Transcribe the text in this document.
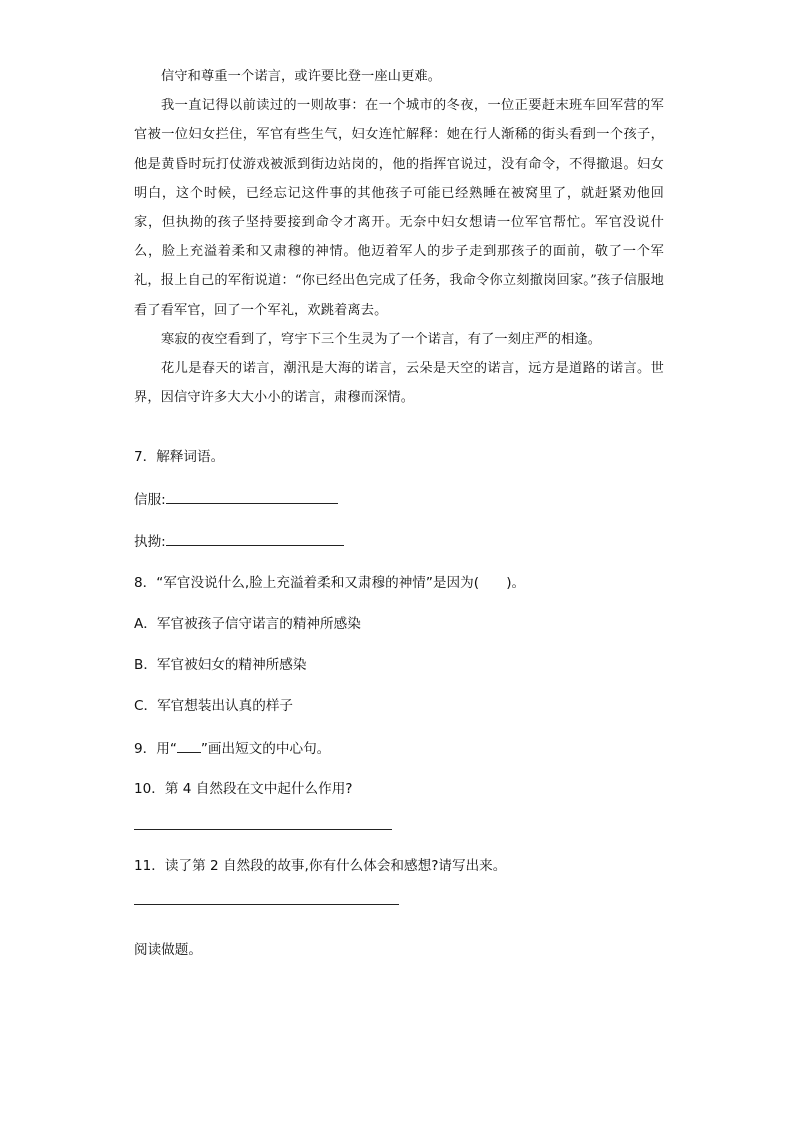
信守和尊重一个诺言，或许要比登一座山更难。

我一直记得以前读过的一则故事：在一个城市的冬夜，一位正要赶末班车回军营的军官被一位妇女拦住，军官有些生气，妇女连忙解释：她在行人渐稀的街头看到一个孩子，他是黄昏时玩打仗游戏被派到街边站岗的，他的指挥官说过，没有命令，不得撤退。妇女明白，这个时候，已经忘记这件事的其他孩子可能已经熟睡在被窝里了，就赶紧劝他回家，但执拗的孩子坚持要接到命令才离开。无奈中妇女想请一位军官帮忙。军官没说什么，脸上充溢着柔和又肃穆的神情。他迈着军人的步子走到那孩子的面前，敬了一个军礼，报上自己的军衔说道：“你已经出色完成了任务，我命令你立刻撤岗回家。”孩子信服地看了看军官，回了一个军礼，欢跳着离去。

寒寂的夜空看到了，穹宇下三个生灵为了一个诺言，有了一刻庄严的相逢。

花儿是春天的诺言，潮汛是大海的诺言，云朵是天空的诺言，远方是道路的诺言。世界，因信守许多大大小小的诺言，肃穆而深情。

7．解释词语。
信服:
执拗:
8．“军官没说什么,脸上充溢着柔和又肃穆的神情”是因为(　　)。
A．军官被孩子信守诺言的精神所感染
B．军官被妇女的精神所感染
C．军官想装出认真的样子
9．用“ ”画出短文的中心句。
10．第 4 自然段在文中起什么作用?
11．读了第 2 自然段的故事,你有什么体会和感想?请写出来。
阅读做题。
